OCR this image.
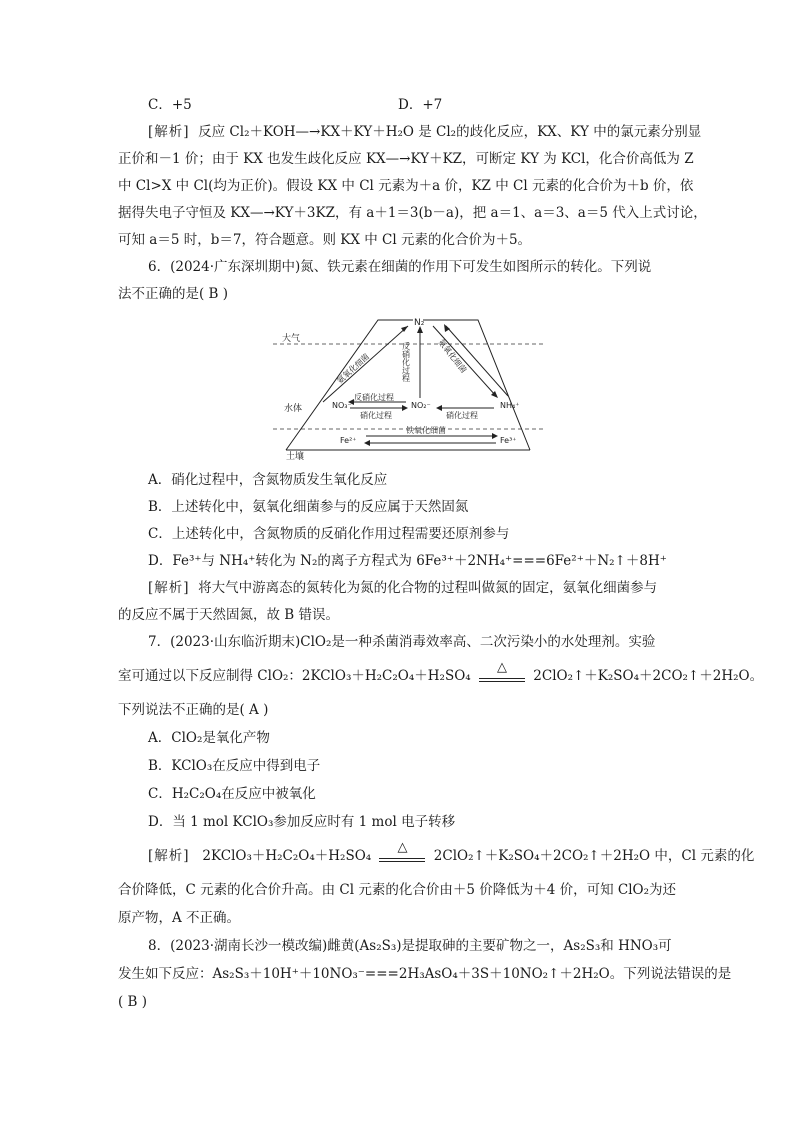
C．+5	D．+7
[解析] 反应 Cl₂＋KOH—→KX＋KY＋H₂O 是 Cl₂的歧化反应，KX、KY 中的氯元素分别显
正价和－1 价；由于 KX 也发生歧化反应 KX—→KY＋KZ，可断定 KY 为 KCl，化合价高低为 Z
中 Cl>X 中 Cl(均为正价)。假设 KX 中 Cl 元素为＋a 价，KZ 中 Cl 元素的化合价为＋b 价，依
据得失电子守恒及 KX—→KY＋3KZ，有 a＋1＝3(b－a)，把 a＝1、a＝3、a＝5 代入上式讨论，
可知 a＝5 时，b＝7，符合题意。则 KX 中 Cl 元素的化合价为＋5。
6．(2024·广东深圳期中)氮、铁元素在细菌的作用下可发生如图所示的转化。下列说
法不正确的是( B )
N₂
大气
水体
土壤
氨氧化细菌	反硝化过程	氨氧化细菌
NO₃⁻	NO₂⁻	NH₄⁺
反硝化过程
硝化过程	硝化过程
Fe²⁺	Fe³⁺
铁氧化细菌
A．硝化过程中，含氮物质发生氧化反应
B．上述转化中，氨氧化细菌参与的反应属于天然固氮
C．上述转化中，含氮物质的反硝化作用过程需要还原剂参与
D．Fe³⁺与 NH₄⁺转化为 N₂的离子方程式为 6Fe³⁺＋2NH₄⁺===6Fe²⁺＋N₂↑＋8H⁺
[解析] 将大气中游离态的氮转化为氮的化合物的过程叫做氮的固定，氨氧化细菌参与
的反应不属于天然固氮，故 B 错误。
7．(2023·山东临沂期末)ClO₂是一种杀菌消毒效率高、二次污染小的水处理剂。实验
室可通过以下反应制得 ClO₂：2KClO₃＋H₂C₂O₄＋H₂SO₄
△
2ClO₂↑＋K₂SO₄＋2CO₂↑＋2H₂O。
下列说法不正确的是( A )
A．ClO₂是氧化产物
B．KClO₃在反应中得到电子
C．H₂C₂O₄在反应中被氧化
D．当 1 mol KClO₃参加反应时有 1 mol 电子转移
[解析] 2KClO₃＋H₂C₂O₄＋H₂SO₄
△
2ClO₂↑＋K₂SO₄＋2CO₂↑＋2H₂O 中，Cl 元素的化
合价降低，C 元素的化合价升高。由 Cl 元素的化合价由＋5 价降低为＋4 价，可知 ClO₂为还
原产物，A 不正确。
8．(2023·湖南长沙一模改编)雌黄(As₂S₃)是提取砷的主要矿物之一，As₂S₃和 HNO₃可
发生如下反应：As₂S₃＋10H⁺＋10NO₃⁻===2H₃AsO₄＋3S＋10NO₂↑＋2H₂O。下列说法错误的是
( B )
